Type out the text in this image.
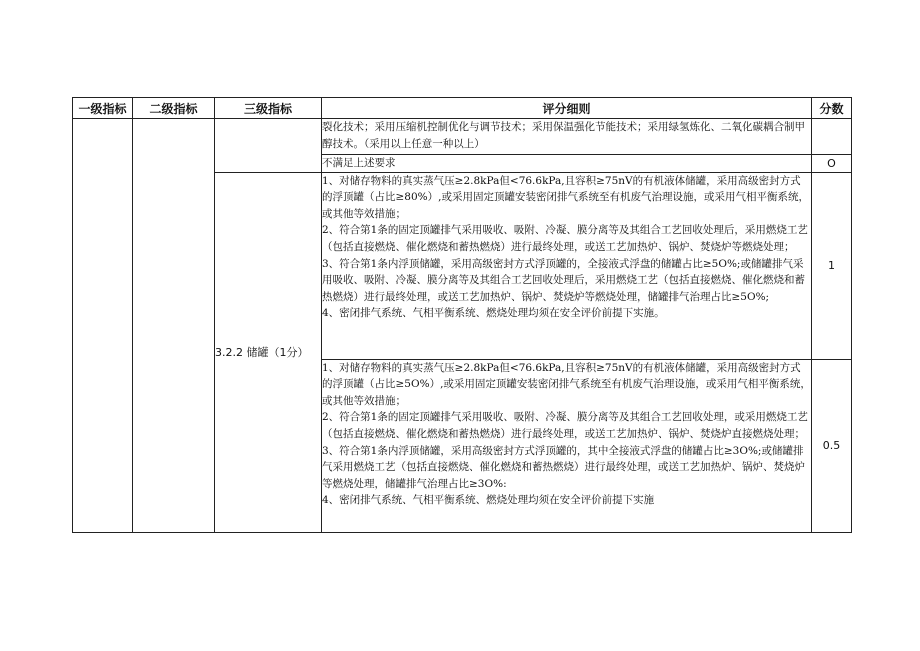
一级指标	二级指标	三级指标	评分细则	分数

			裂化技术；采用压缩机控制优化与调节技术；采用保温强化节能技术；采用绿氢炼化、二氧化碳耦合制甲醇技术。（采用以上任意一种以上）	

			不满足上述要求	O
		3.2.2 储罐（1分）	1、对储存物料的真实蒸气压≥2.8kPa但<76.6kPa,且容积≥75nV的有机液体储罐，采用高级密封方式的浮顶罐（占比≥80%）,或采用固定顶罐安装密闭排气系统至有机废气治理设施，或采用气相平衡系统，或其他等效措施；

2、符合第1条的固定顶罐排气采用吸收、吸附、冷凝、膜分离等及其组合工艺回收处理后，采用燃烧工艺（包括直接燃烧、催化燃烧和蓄热燃烧）进行最终处理，或送工艺加热炉、锅炉、焚烧炉等燃烧处理；

3、符合第1条内浮顶储罐，采用高级密封方式浮顶罐的，全接液式浮盘的储罐占比≥5O%;或储罐排气采用吸收、吸附、冷凝、膜分离等及其组合工艺回收处理后，采用燃烧工艺（包括直接燃烧、催化燃烧和蓄热燃烧）进行最终处理，或送工艺加热炉、锅炉、焚烧炉等燃烧处理，储罐排气治理占比≥5O%;

4、密闭排气系统、气相平衡系统、燃烧处理均须在安全评价前提下实施。	1

			1、对储存物料的真实蒸气压≥2.8kPa但<76.6kPa,且容积≥75nV的有机液体储罐，采用高级密封方式的浮顶罐（占比≥5O%）,或采用固定顶罐安装密闭排气系统至有机废气治理设施，或采用气相平衡系统，或其他等效措施；

2、符合第1条的固定顶罐排气采用吸收、吸附、冷凝、膜分离等及其组合工艺回收处理，或采用燃烧工艺（包括直接燃烧、催化燃烧和蓄热燃烧）进行最终处理，或送工艺加热炉、锅炉、焚烧炉直接燃烧处理；

3、符合第1条内浮顶储罐，采用高级密封方式浮顶罐的，其中全接液式浮盘的储罐占比≥3O%;或储罐排气采用燃烧工艺（包括直接燃烧、催化燃烧和蓄热燃烧）进行最终处理，或送工艺加热炉、锅炉、焚烧炉等燃烧处理，储罐排气治理占比≥3O%:

4、密闭排气系统、气相平衡系统、燃烧处理均须在安全评价前提下实施	0.5
